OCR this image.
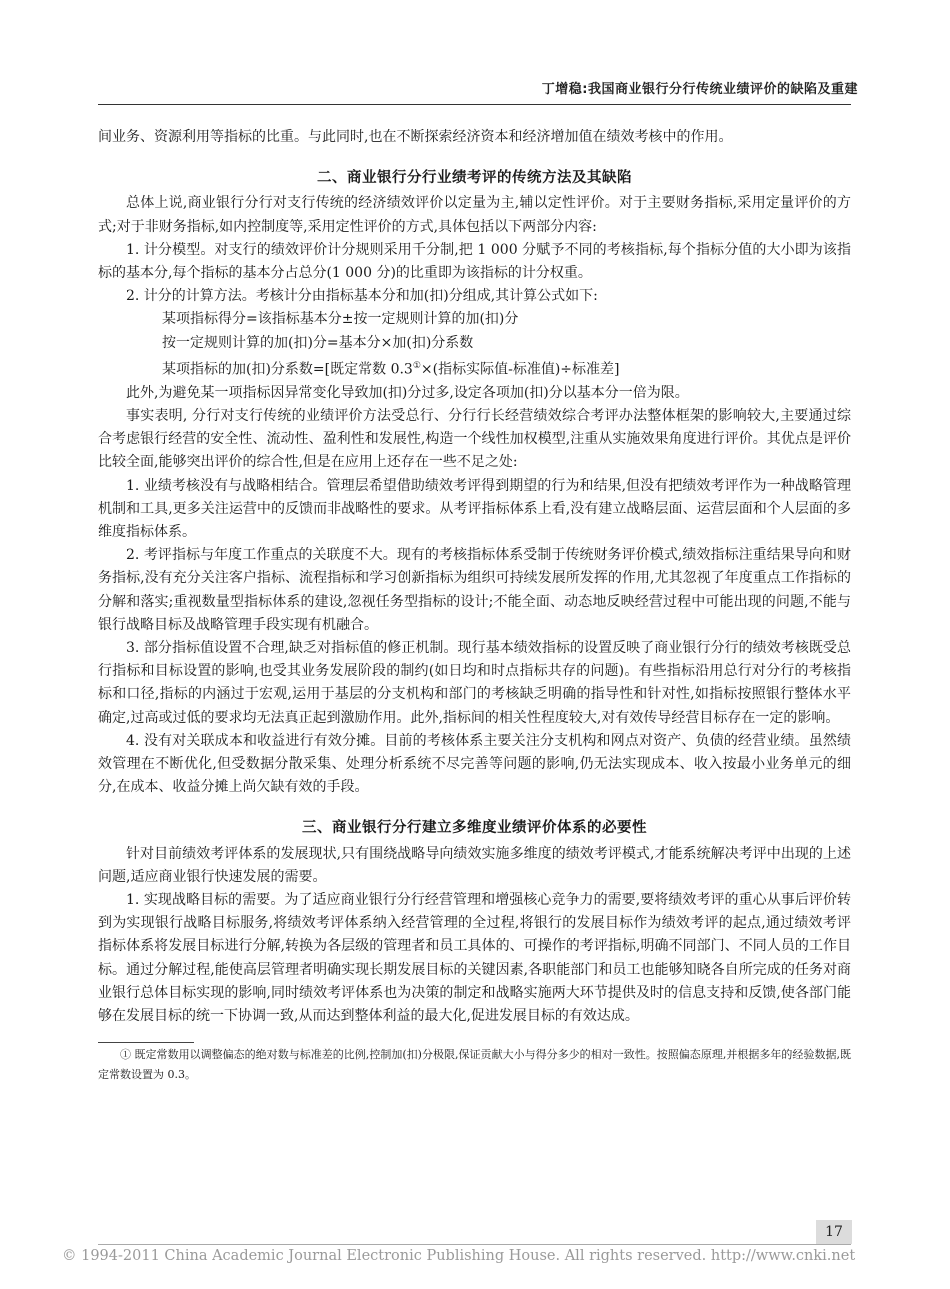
丁增稳:我国商业银行分行传统业绩评价的缺陷及重建

间业务、资源利用等指标的比重。与此同时,也在不断探索经济资本和经济增加值在绩效考核中的作用。

二、商业银行分行业绩考评的传统方法及其缺陷

总体上说,商业银行分行对支行传统的经济绩效评价以定量为主,辅以定性评价。对于主要财务指标,采用定量评价的方式;对于非财务指标,如内控制度等,采用定性评价的方式,具体包括以下两部分内容:

1. 计分模型。对支行的绩效评价计分规则采用千分制,把 1 000 分赋予不同的考核指标,每个指标分值的大小即为该指标的基本分,每个指标的基本分占总分(1 000 分)的比重即为该指标的计分权重。

2. 计分的计算方法。考核计分由指标基本分和加(扣)分组成,其计算公式如下:

某项指标得分=该指标基本分±按一定规则计算的加(扣)分

按一定规则计算的加(扣)分=基本分×加(扣)分系数

某项指标的加(扣)分系数=[既定常数 0.3①×(指标实际值-标准值)÷标准差]

此外,为避免某一项指标因异常变化导致加(扣)分过多,设定各项加(扣)分以基本分一倍为限。

事实表明, 分行对支行传统的业绩评价方法受总行、分行行长经营绩效综合考评办法整体框架的影响较大,主要通过综合考虑银行经营的安全性、流动性、盈利性和发展性,构造一个线性加权模型,注重从实施效果角度进行评价。其优点是评价比较全面,能够突出评价的综合性,但是在应用上还存在一些不足之处:

1. 业绩考核没有与战略相结合。管理层希望借助绩效考评得到期望的行为和结果,但没有把绩效考评作为一种战略管理机制和工具,更多关注运营中的反馈而非战略性的要求。从考评指标体系上看,没有建立战略层面、运营层面和个人层面的多维度指标体系。

2. 考评指标与年度工作重点的关联度不大。现有的考核指标体系受制于传统财务评价模式,绩效指标注重结果导向和财务指标,没有充分关注客户指标、流程指标和学习创新指标为组织可持续发展所发挥的作用,尤其忽视了年度重点工作指标的分解和落实;重视数量型指标体系的建设,忽视任务型指标的设计;不能全面、动态地反映经营过程中可能出现的问题,不能与银行战略目标及战略管理手段实现有机融合。

3. 部分指标值设置不合理,缺乏对指标值的修正机制。现行基本绩效指标的设置反映了商业银行分行的绩效考核既受总行指标和目标设置的影响,也受其业务发展阶段的制约(如日均和时点指标共存的问题)。有些指标沿用总行对分行的考核指标和口径,指标的内涵过于宏观,运用于基层的分支机构和部门的考核缺乏明确的指导性和针对性,如指标按照银行整体水平确定,过高或过低的要求均无法真正起到激励作用。此外,指标间的相关性程度较大,对有效传导经营目标存在一定的影响。

4. 没有对关联成本和收益进行有效分摊。目前的考核体系主要关注分支机构和网点对资产、负债的经营业绩。虽然绩效管理在不断优化,但受数据分散采集、处理分析系统不尽完善等问题的影响,仍无法实现成本、收入按最小业务单元的细分,在成本、收益分摊上尚欠缺有效的手段。

三、商业银行分行建立多维度业绩评价体系的必要性

针对目前绩效考评体系的发展现状,只有围绕战略导向绩效实施多维度的绩效考评模式,才能系统解决考评中出现的上述问题,适应商业银行快速发展的需要。

1. 实现战略目标的需要。为了适应商业银行分行经营管理和增强核心竞争力的需要,要将绩效考评的重心从事后评价转到为实现银行战略目标服务,将绩效考评体系纳入经营管理的全过程,将银行的发展目标作为绩效考评的起点,通过绩效考评指标体系将发展目标进行分解,转换为各层级的管理者和员工具体的、可操作的考评指标,明确不同部门、不同人员的工作目标。通过分解过程,能使高层管理者明确实现长期发展目标的关键因素,各职能部门和员工也能够知晓各自所完成的任务对商业银行总体目标实现的影响,同时绩效考评体系也为决策的制定和战略实施两大环节提供及时的信息支持和反馈,使各部门能够在发展目标的统一下协调一致,从而达到整体利益的最大化,促进发展目标的有效达成。

① 既定常数用以调整偏态的绝对数与标准差的比例,控制加(扣)分极限,保证贡献大小与得分多少的相对一致性。按照偏态原理,并根据多年的经验数据,既定常数设置为 0.3。

17
© 1994-2011 China Academic Journal Electronic Publishing House. All rights reserved. http://www.cnki.net
